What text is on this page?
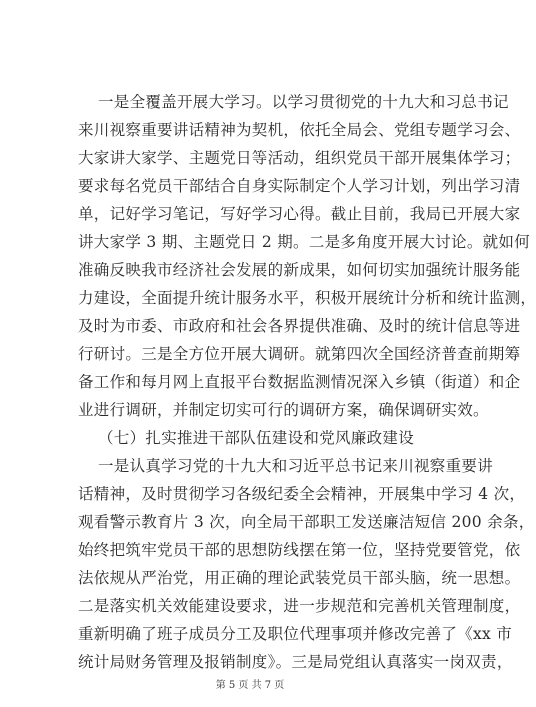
一是全覆盖开展大学习。以学习贯彻党的十九大和习总书记
来川视察重要讲话精神为契机，依托全局会、党组专题学习会、
大家讲大家学、主题党日等活动，组织党员干部开展集体学习；
要求每名党员干部结合自身实际制定个人学习计划，列出学习清
单，记好学习笔记，写好学习心得。截止目前，我局已开展大家
讲大家学 3 期、主题党日 2 期。二是多角度开展大讨论。就如何
准确反映我市经济社会发展的新成果，如何切实加强统计服务能
力建设，全面提升统计服务水平，积极开展统计分析和统计监测，
及时为市委、市政府和社会各界提供准确、及时的统计信息等进
行研讨。三是全方位开展大调研。就第四次全国经济普查前期筹
备工作和每月网上直报平台数据监测情况深入乡镇（街道）和企
业进行调研，并制定切实可行的调研方案，确保调研实效。
（七）扎实推进干部队伍建设和党风廉政建设
一是认真学习党的十九大和习近平总书记来川视察重要讲
话精神，及时贯彻学习各级纪委全会精神，开展集中学习 4 次，
观看警示教育片 3 次，向全局干部职工发送廉洁短信 200 余条，
始终把筑牢党员干部的思想防线摆在第一位，坚持党要管党，依
法依规从严治党，用正确的理论武装党员干部头脑，统一思想。
二是落实机关效能建设要求，进一步规范和完善机关管理制度，
重新明确了班子成员分工及职位代理事项并修改完善了《xx 市
统计局财务管理及报销制度》。三是局党组认真落实一岗双责，
第 5 页 共 7 页
